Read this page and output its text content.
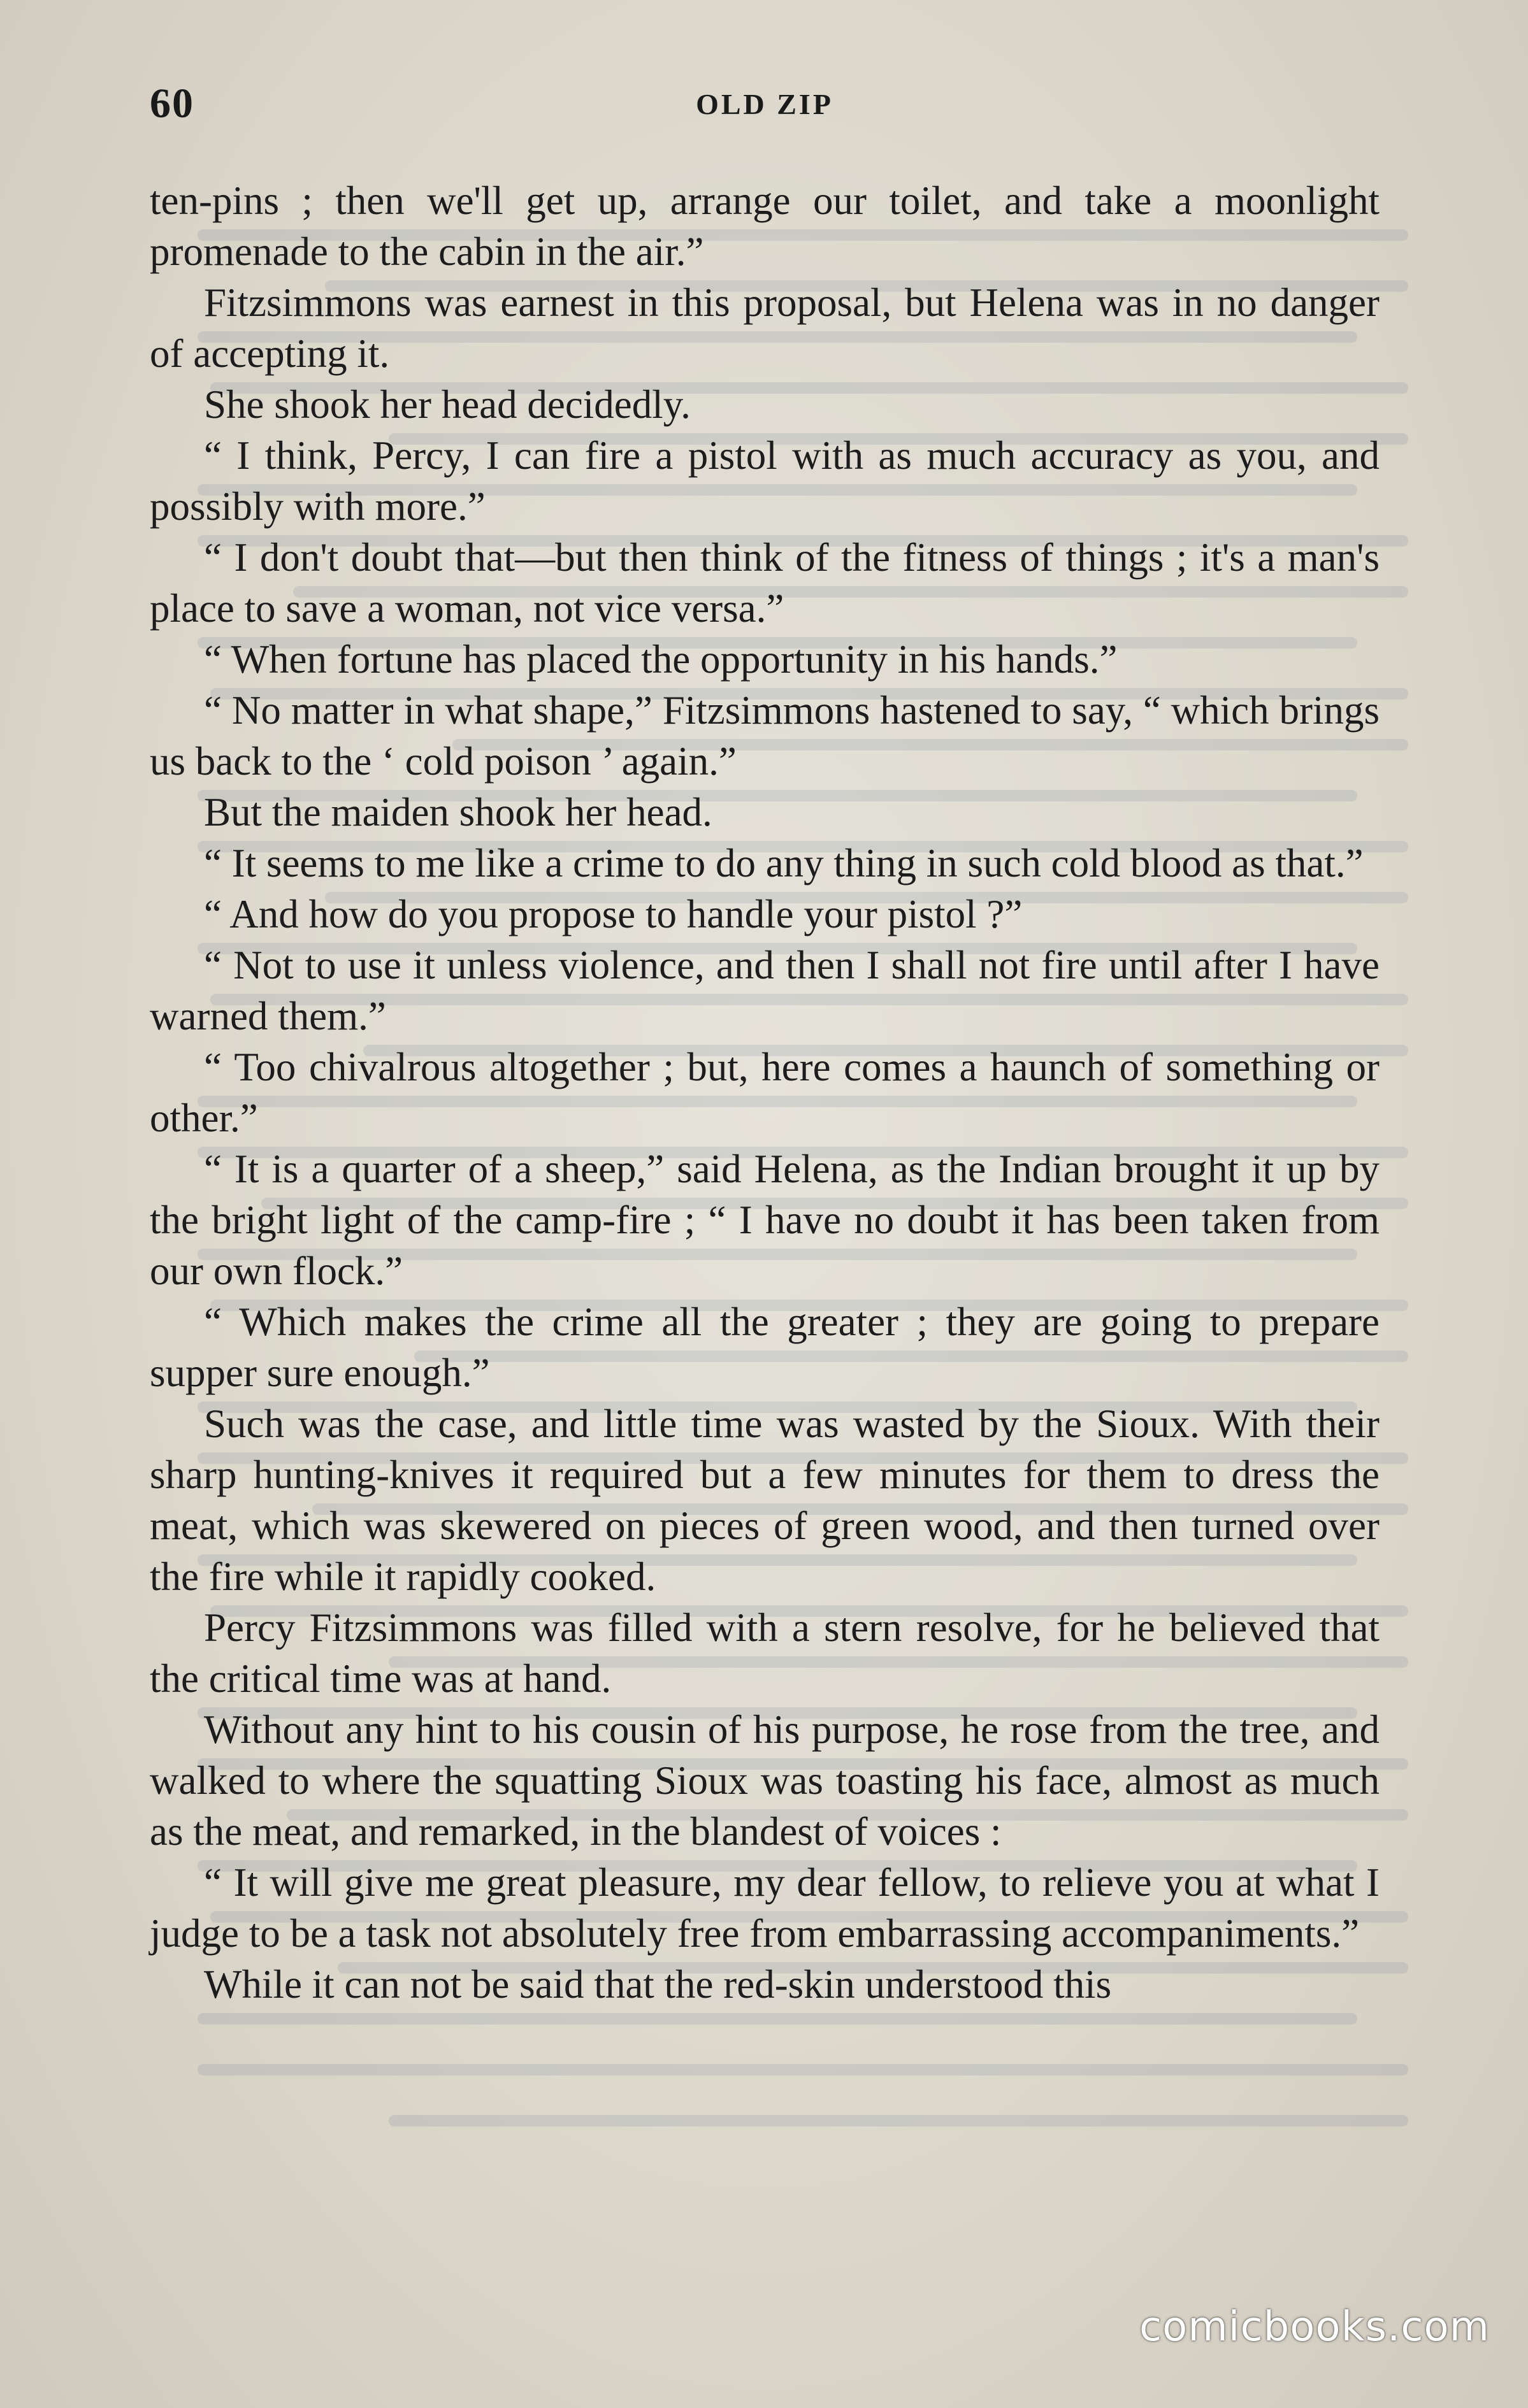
60	OLD ZIP

ten-pins ; then we'll get up, arrange our toilet, and take a moonlight promenade to the cabin in the air.”

Fitzsimmons was earnest in this proposal, but Helena was in no danger of accepting it.

She shook her head decidedly.

“ I think, Percy, I can fire a pistol with as much accuracy as you, and possibly with more.”

“ I don't doubt that—but then think of the fitness of things ; it's a man's place to save a woman, not vice versa.”

“ When fortune has placed the opportunity in his hands.”

“ No matter in what shape,” Fitzsimmons hastened to say, “ which brings us back to the ‘ cold poison ’ again.”

But the maiden shook her head.

“ It seems to me like a crime to do any thing in such cold blood as that.”

“ And how do you propose to handle your pistol ?”

“ Not to use it unless violence, and then I shall not fire until after I have warned them.”

“ Too chivalrous altogether ; but, here comes a haunch of something or other.”

“ It is a quarter of a sheep,” said Helena, as the Indian brought it up by the bright light of the camp-fire ; “ I have no doubt it has been taken from our own flock.”

“ Which makes the crime all the greater ; they are going to prepare supper sure enough.”

Such was the case, and little time was wasted by the Sioux. With their sharp hunting-knives it required but a few minutes for them to dress the meat, which was skewered on pieces of green wood, and then turned over the fire while it rapidly cooked.

Percy Fitzsimmons was filled with a stern resolve, for he believed that the critical time was at hand.

Without any hint to his cousin of his purpose, he rose from the tree, and walked to where the squatting Sioux was toasting his face, almost as much as the meat, and remarked, in the blandest of voices :

“ It will give me great pleasure, my dear fellow, to relieve you at what I judge to be a task not absolutely free from embarrassing accompaniments.”

While it can not be said that the red-skin understood this

comicbooks.com
